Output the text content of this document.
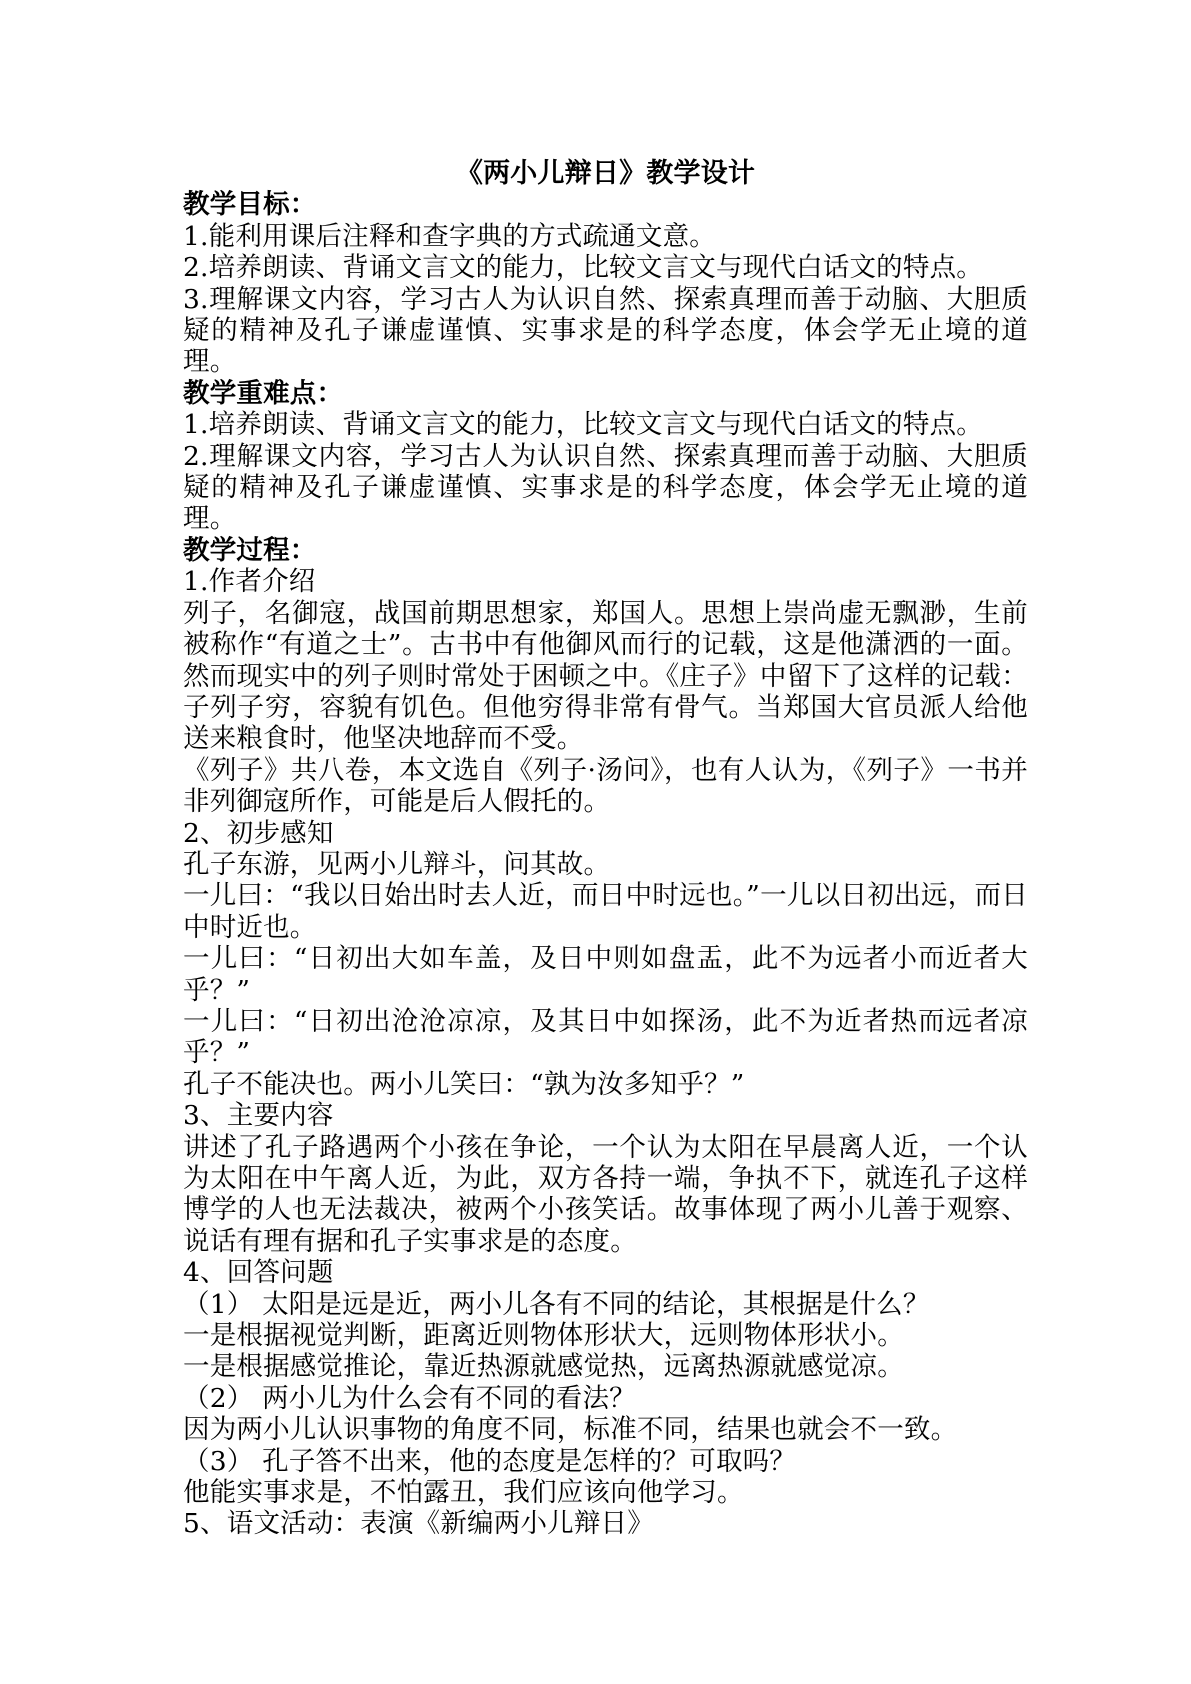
《两小儿辩日》教学设计

教学目标：

1.能利用课后注释和查字典的方式疏通文意。

2.培养朗读、背诵文言文的能力，比较文言文与现代白话文的特点。

3.理解课文内容，学习古人为认识自然、探索真理而善于动脑、大胆质疑的精神及孔子谦虚谨慎、实事求是的科学态度，体会学无止境的道理。

教学重难点：

1.培养朗读、背诵文言文的能力，比较文言文与现代白话文的特点。

2.理解课文内容，学习古人为认识自然、探索真理而善于动脑、大胆质疑的精神及孔子谦虚谨慎、实事求是的科学态度，体会学无止境的道理。

教学过程：

1.作者介绍

列子，名御寇，战国前期思想家，郑国人。思想上崇尚虚无飘渺，生前被称作“有道之士”。古书中有他御风而行的记载，这是他潇洒的一面。然而现实中的列子则时常处于困顿之中。《庄子》中留下了这样的记载：子列子穷，容貌有饥色。但他穷得非常有骨气。当郑国大官员派人给他送来粮食时，他坚决地辞而不受。

《列子》共八卷，本文选自《列子·汤问》，也有人认为，《列子》一书并非列御寇所作，可能是后人假托的。

2、初步感知

孔子东游，见两小儿辩斗，问其故。

一儿曰：“我以日始出时去人近，而日中时远也。”一儿以日初出远，而日中时近也。

一儿曰：“日初出大如车盖，及日中则如盘盂，此不为远者小而近者大乎？”

一儿曰：“日初出沧沧凉凉，及其日中如探汤，此不为近者热而远者凉乎？”

孔子不能决也。两小儿笑曰：“孰为汝多知乎？”

3、主要内容

讲述了孔子路遇两个小孩在争论，一个认为太阳在早晨离人近，一个认为太阳在中午离人近，为此，双方各持一端，争执不下，就连孔子这样博学的人也无法裁决，被两个小孩笑话。故事体现了两小儿善于观察、说话有理有据和孔子实事求是的态度。

4、回答问题

（1） 太阳是远是近，两小儿各有不同的结论，其根据是什么？

一是根据视觉判断，距离近则物体形状大，远则物体形状小。

一是根据感觉推论，靠近热源就感觉热，远离热源就感觉凉。

（2） 两小儿为什么会有不同的看法？

因为两小儿认识事物的角度不同，标准不同，结果也就会不一致。

（3） 孔子答不出来，他的态度是怎样的？可取吗？

他能实事求是，不怕露丑，我们应该向他学习。

5、语文活动：表演《新编两小儿辩日》
